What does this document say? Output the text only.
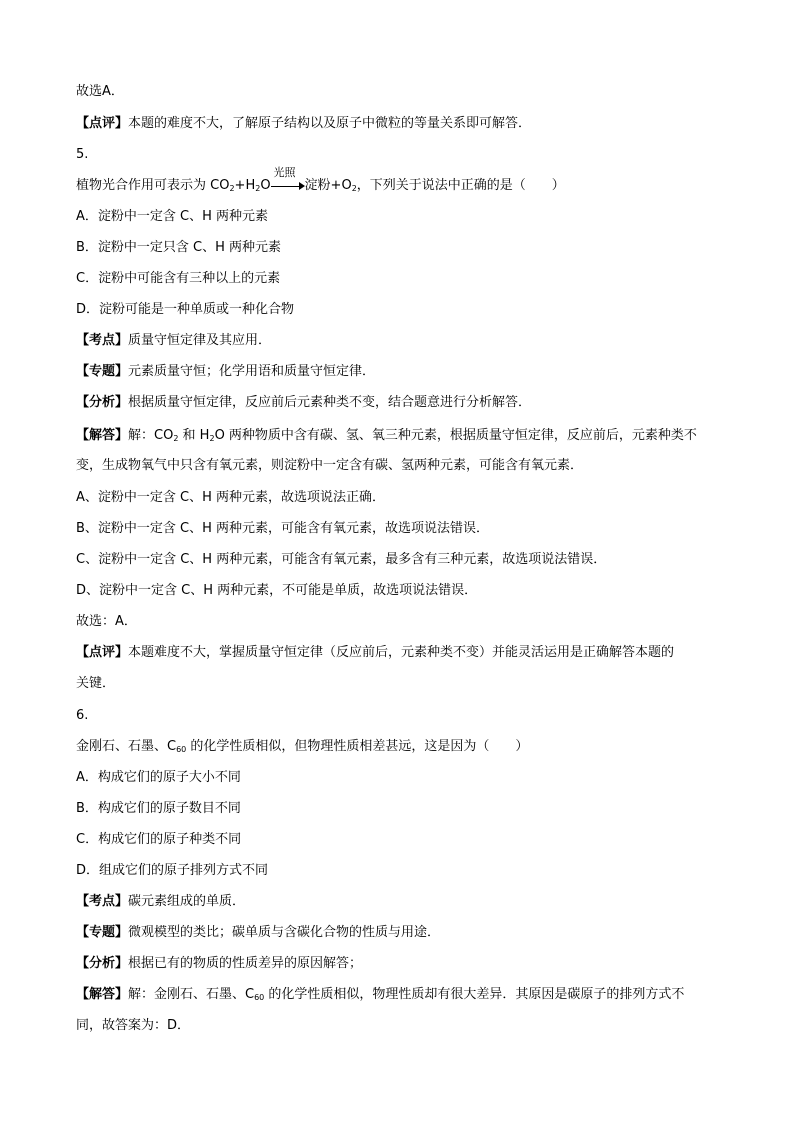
故选A．
【点评】本题的难度不大，了解原子结构以及原子中微粒的等量关系即可解答．
5.
植物光合作用可表示为 $CO_2+H_2O$
光照
淀粉$+O_2$，下列关于说法中正确的是（　　）
A．淀粉中一定含 C、H 两种元素
B．淀粉中一定只含 C、H 两种元素
C．淀粉中可能含有三种以上的元素
D．淀粉可能是一种单质或一种化合物
【考点】质量守恒定律及其应用．
【专题】元素质量守恒；化学用语和质量守恒定律．
【分析】根据质量守恒定律，反应前后元素种类不变，结合题意进行分析解答．
【解答】解：$CO_2$ 和 $H_2O$ 两种物质中含有碳、氢、氧三种元素，根据质量守恒定律，反应前后，元素种类不
变，生成物氧气中只含有氧元素，则淀粉中一定含有碳、氢两种元素，可能含有氧元素．
A、淀粉中一定含 C、H 两种元素，故选项说法正确．
B、淀粉中一定含 C、H 两种元素，可能含有氧元素，故选项说法错误．
C、淀粉中一定含 C、H 两种元素，可能含有氧元素，最多含有三种元素，故选项说法错误．
D、淀粉中一定含 C、H 两种元素，不可能是单质，故选项说法错误．
故选：A．
【点评】本题难度不大，掌握质量守恒定律（反应前后，元素种类不变）并能灵活运用是正确解答本题的
关键．
6.
金刚石、石墨、$C_{60}$ 的化学性质相似，但物理性质相差甚远，这是因为（　　）
A．构成它们的原子大小不同
B．构成它们的原子数目不同
C．构成它们的原子种类不同
D．组成它们的原子排列方式不同
【考点】碳元素组成的单质．
【专题】微观模型的类比；碳单质与含碳化合物的性质与用途．
【分析】根据已有的物质的性质差异的原因解答；
【解答】解：金刚石、石墨、$C_{60}$ 的化学性质相似，物理性质却有很大差异．其原因是碳原子的排列方式不
同，故答案为：D．
